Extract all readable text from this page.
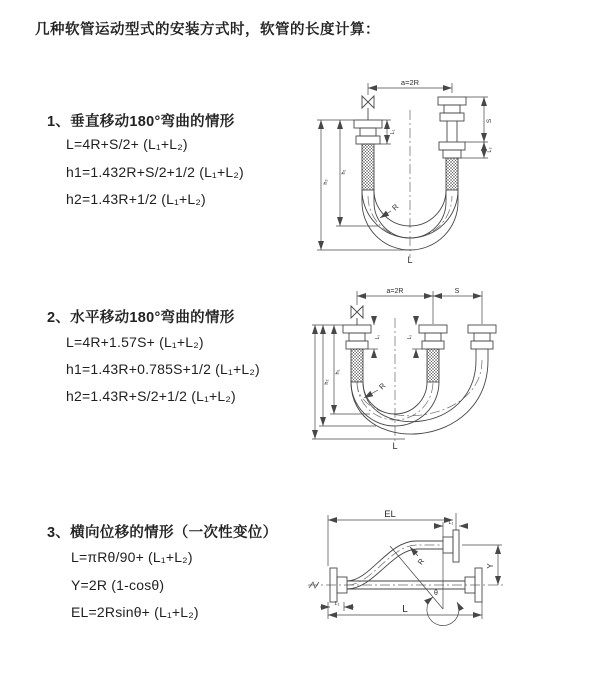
几种软管运动型式的安装方式时，软管的长度计算：
1、垂直移动180°弯曲的情形
L=4R+S/2+ (L₁+L₂)
h1=1.432R+S/2+1/2 (L₁+L₂)
h2=1.43R+1/2 (L₁+L₂)
2、水平移动180°弯曲的情形
L=4R+1.57S+ (L₁+L₂)
h1=1.43R+0.785S+1/2 (L₁+L₂)
h2=1.43R+S/2+1/2 (L₁+L₂)
3、横向位移的情形（一次性变位）
L=πRθ/90+ (L₁+L₂)
Y=2R (1-cosθ)
EL=2Rsinθ+ (L₁+L₂)
a=2R
L₁
S
L₂
h₁
h₂
R
L
a=2R	S
h₁
h₂
L₁	L₂
R
L
EL
L₁
Y
L₁	L
θ
R
